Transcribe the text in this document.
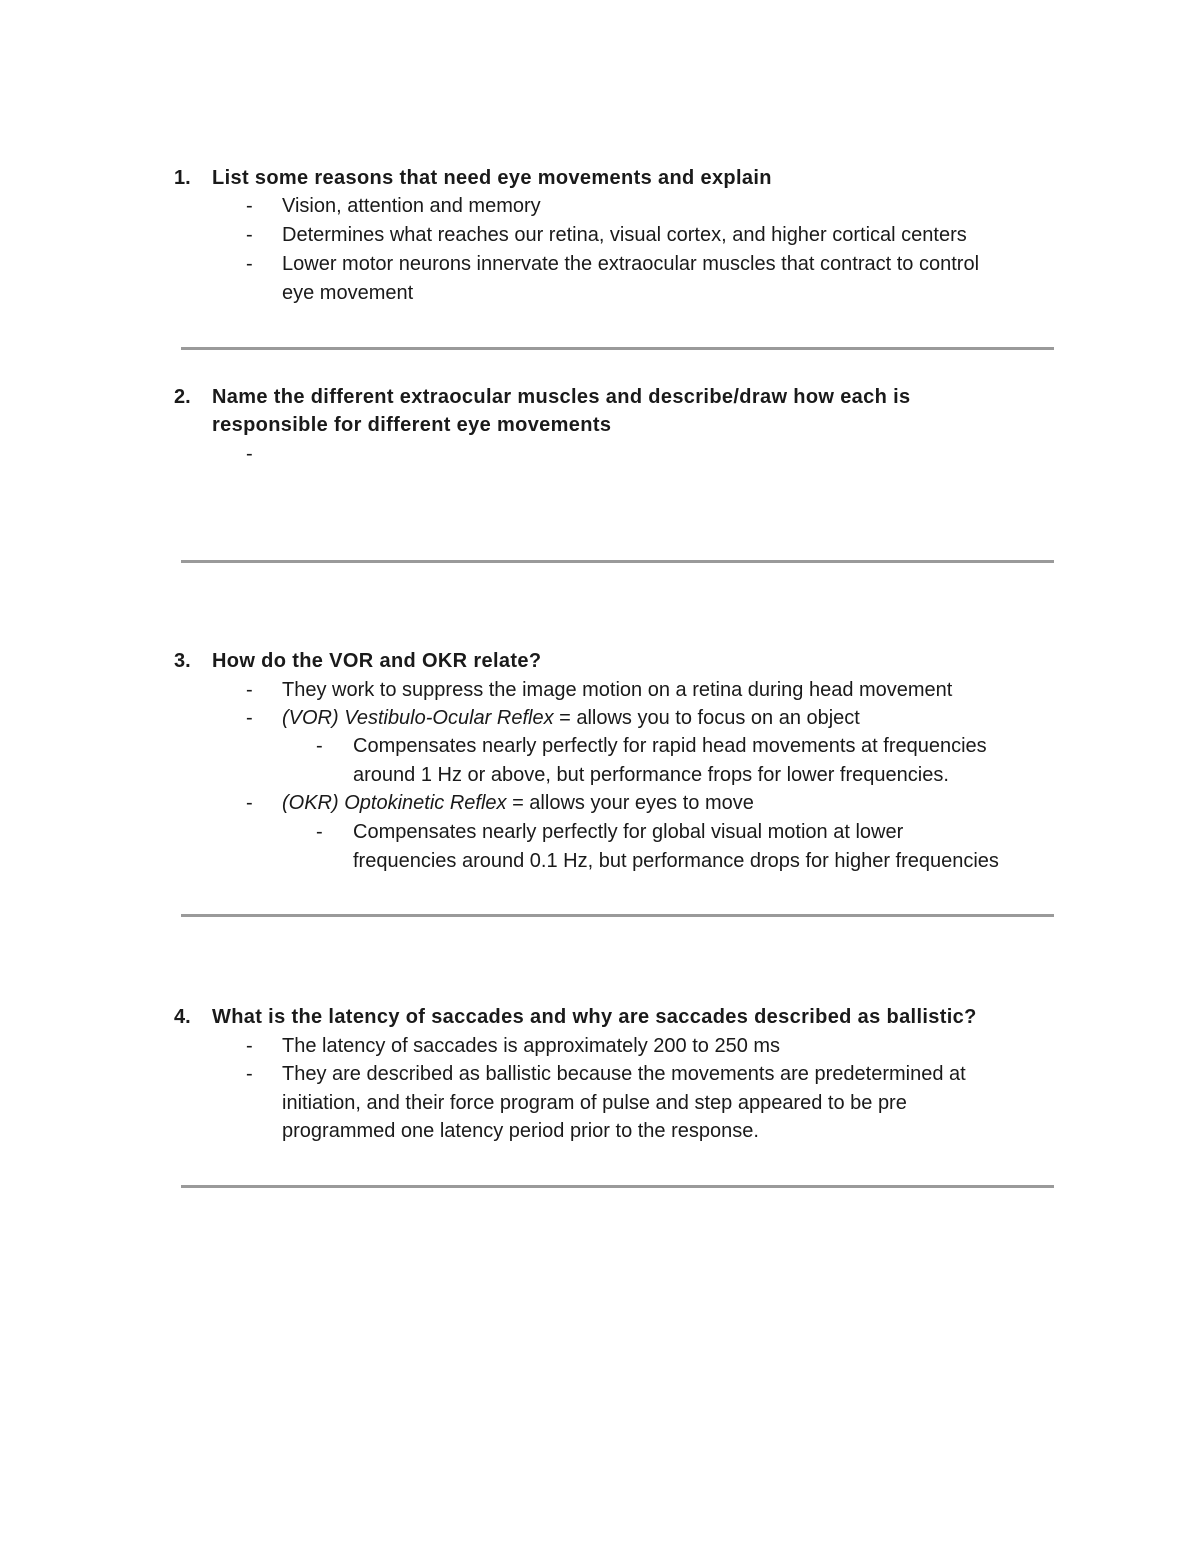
1. List some reasons that need eye movements and explain
- Vision, attention and memory
- Determines what reaches our retina, visual cortex, and higher cortical centers
- Lower motor neurons innervate the extraocular muscles that contract to control
eye movement
2. Name the different extraocular muscles and describe/draw how each is
responsible for different eye movements
-
3. How do the VOR and OKR relate?
- They work to suppress the image motion on a retina during head movement
- (VOR) Vestibulo-Ocular Reflex = allows you to focus on an object
- Compensates nearly perfectly for rapid head movements at frequencies
around 1 Hz or above, but performance frops for lower frequencies.
- (OKR) Optokinetic Reflex = allows your eyes to move
- Compensates nearly perfectly for global visual motion at lower
frequencies around 0.1 Hz, but performance drops for higher frequencies
4. What is the latency of saccades and why are saccades described as ballistic?
- The latency of saccades is approximately 200 to 250 ms
- They are described as ballistic because the movements are predetermined at
initiation, and their force program of pulse and step appeared to be pre
programmed one latency period prior to the response.
